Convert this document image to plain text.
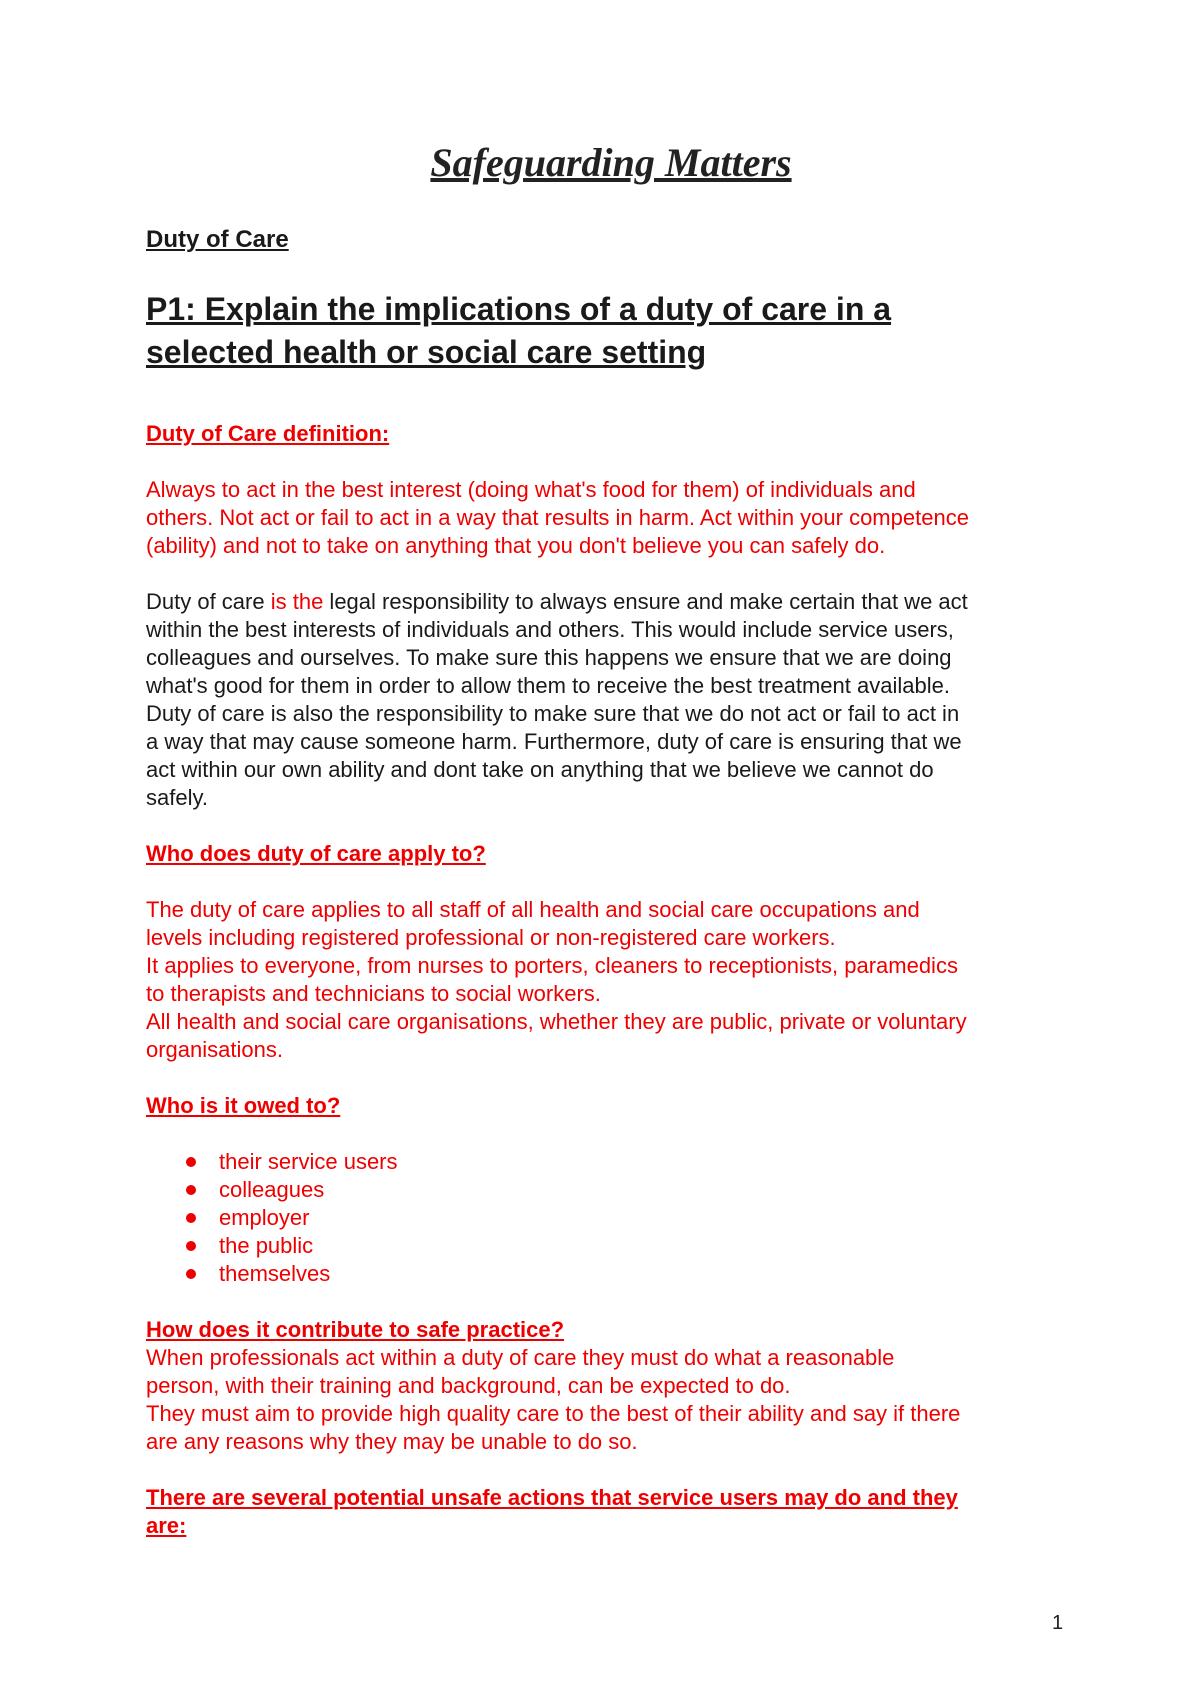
Safeguarding Matters
Duty of Care
P1: Explain the implications of a duty of care in a
selected health or social care setting
Duty of Care definition:

Always to act in the best interest (doing what's food for them) of individuals and
others. Not act or fail to act in a way that results in harm. Act within your competence
(ability) and not to take on anything that you don't believe you can safely do.

Duty of care is the legal responsibility to always ensure and make certain that we act
within the best interests of individuals and others. This would include service users,
colleagues and ourselves. To make sure this happens we ensure that we are doing
what's good for them in order to allow them to receive the best treatment available.
Duty of care is also the responsibility to make sure that we do not act or fail to act in
a way that may cause someone harm. Furthermore, duty of care is ensuring that we
act within our own ability and dont take on anything that we believe we cannot do
safely.

Who does duty of care apply to?

The duty of care applies to all staff of all health and social care occupations and
levels including registered professional or non-registered care workers.
It applies to everyone, from nurses to porters, cleaners to receptionists, paramedics
to therapists and technicians to social workers.
All health and social care organisations, whether they are public, private or voluntary
organisations.

Who is it owed to?
their service users
colleagues
employer
the public
themselves
How does it contribute to safe practice?

When professionals act within a duty of care they must do what a reasonable
person, with their training and background, can be expected to do.
They must aim to provide high quality care to the best of their ability and say if there
are any reasons why they may be unable to do so.

There are several potential unsafe actions that service users may do and they
are:
1
